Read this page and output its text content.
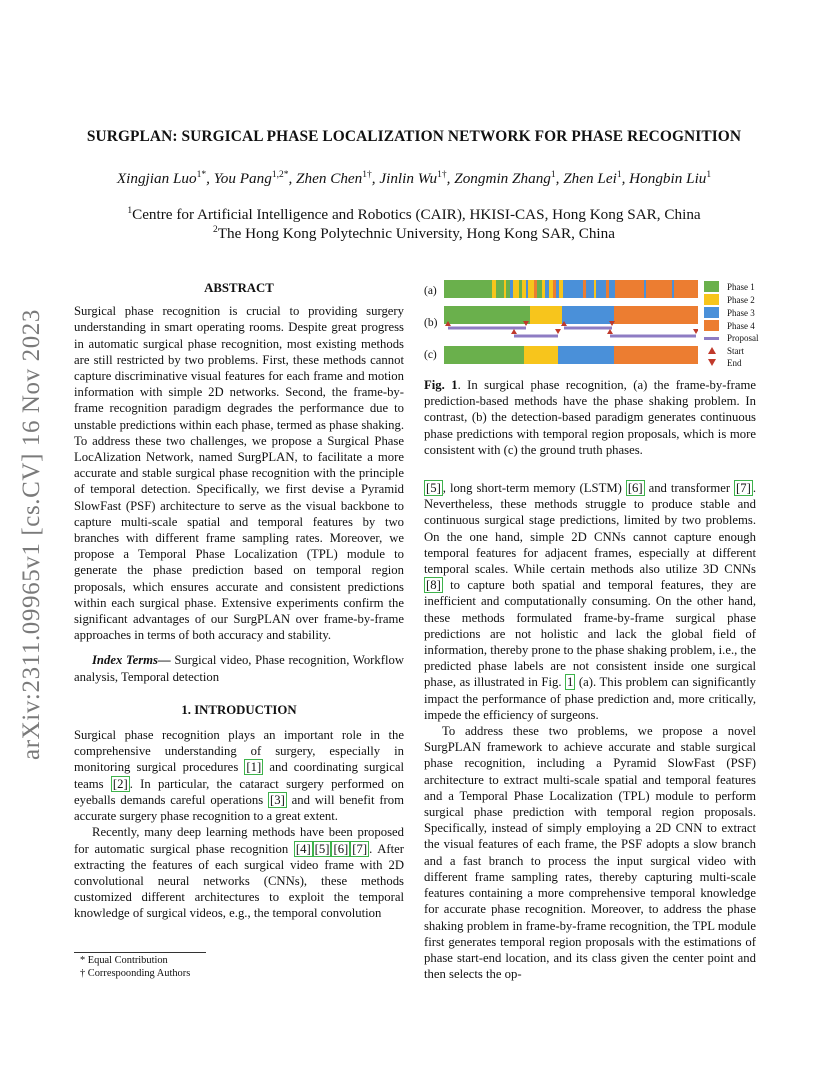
SURGPLAN: SURGICAL PHASE LOCALIZATION NETWORK FOR PHASE RECOGNITION
Xingjian Luo$^{1*}$, You Pang$^{1,2*}$, Zhen Chen$^{1\dagger}$, Jinlin $Wu^{1\dagger}$, Zongmin Zhang$^1$, Zhen Lei$^1$, Hongbin Liu$^1$
$^1$Centre for Artificial Intelligence and Robotics (CAIR), HKISI-CAS, Hong Kong SAR, China
$^2$The Hong Kong Polytechnic University, Hong Kong SAR, China
arXiv:2311.09965v1 [cs.CV] 16 Nov 2023

ABSTRACT

Surgical phase recognition is crucial to providing surgery understanding in smart operating rooms. Despite great progress in automatic surgical phase recognition, most existing methods are still restricted by two problems. First, these methods cannot capture discriminative visual features for each frame and motion information with simple 2D networks. Second, the frame-by-frame recognition paradigm degrades the performance due to unstable predictions within each phase, termed as phase shaking. To address these two challenges, we propose a Surgical Phase LocAlization Network, named SurgPLAN, to facilitate a more accurate and stable surgical phase recognition with the principle of temporal detection. Specifically, we first devise a Pyramid SlowFast (PSF) architecture to serve as the visual backbone to capture multi-scale spatial and temporal features by two branches with different frame sampling rates. Moreover, we propose a Temporal Phase Localization (TPL) module to generate the phase prediction based on temporal region proposals, which ensures accurate and consistent predictions within each surgical phase. Extensive experiments confirm the significant advantages of our SurgPLAN over frame-by-frame approaches in terms of both accuracy and stability.

Index Terms— Surgical video, Phase recognition, Workflow analysis, Temporal detection

1. INTRODUCTION

Surgical phase recognition plays an important role in the comprehensive understanding of surgery, especially in monitoring surgical procedures [1] and coordinating surgical teams [2] . In particular, the cataract surgery performed on eyeballs demands careful operations [3] and will benefit from accurate surgery phase recognition to a great extent.

Recently, many deep learning methods have been proposed for automatic surgical phase recognition [4] [5] [6] [7] . After extracting the features of each surgical video frame with 2D convolutional neural networks (CNNs), these methods customized different architectures to exploit the temporal knowledge of surgical videos, e.g., the temporal convolution

* Equal Contribution
† Correspoonding Authors
(a)
(b)
(c)
Phase 1
Phase 2
Phase 3
Phase 4
Proposal
Start
End

Fig. 1. In surgical phase recognition, (a) the frame-by-frame prediction-based methods have the phase shaking problem. In contrast, (b) the detection-based paradigm generates continuous phase predictions with temporal region proposals, which is more consistent with (c) the ground truth phases.

[5] , long short-term memory (LSTM) [6] and transformer [7] . Nevertheless, these methods struggle to produce stable and continuous surgical stage predictions, limited by two problems. On the one hand, simple 2D CNNs cannot capture enough temporal features for adjacent frames, especially at different temporal scales. While certain methods also utilize 3D CNNs [8] to capture both spatial and temporal features, they are inefficient and computationally consuming. On the other hand, these methods formulated frame-by-frame surgical phase predictions are not holistic and lack the global field of information, thereby prone to the phase shaking problem, i.e., the predicted phase labels are not consistent inside one surgical phase, as illustrated in Fig. 1 (a). This problem can significantly impact the performance of phase prediction and, more critically, impede the efficiency of surgeons.

To address these two problems, we propose a novel SurgPLAN framework to achieve accurate and stable surgical phase recognition, including a Pyramid SlowFast (PSF) architecture to extract multi-scale spatial and temporal features and a Temporal Phase Localization (TPL) module to perform surgical phase prediction with temporal region proposals. Specifically, instead of simply employing a 2D CNN to extract the visual features of each frame, the PSF adopts a slow branch and a fast branch to process the input surgical video with different frame sampling rates, thereby capturing multi-scale features containing a more comprehensive temporal knowledge for accurate phase recognition. Moreover, to address the phase shaking problem in frame-by-frame recognition, the TPL module first generates temporal region proposals with the estimations of phase start-end location, and its class given the center point and then selects the op-
